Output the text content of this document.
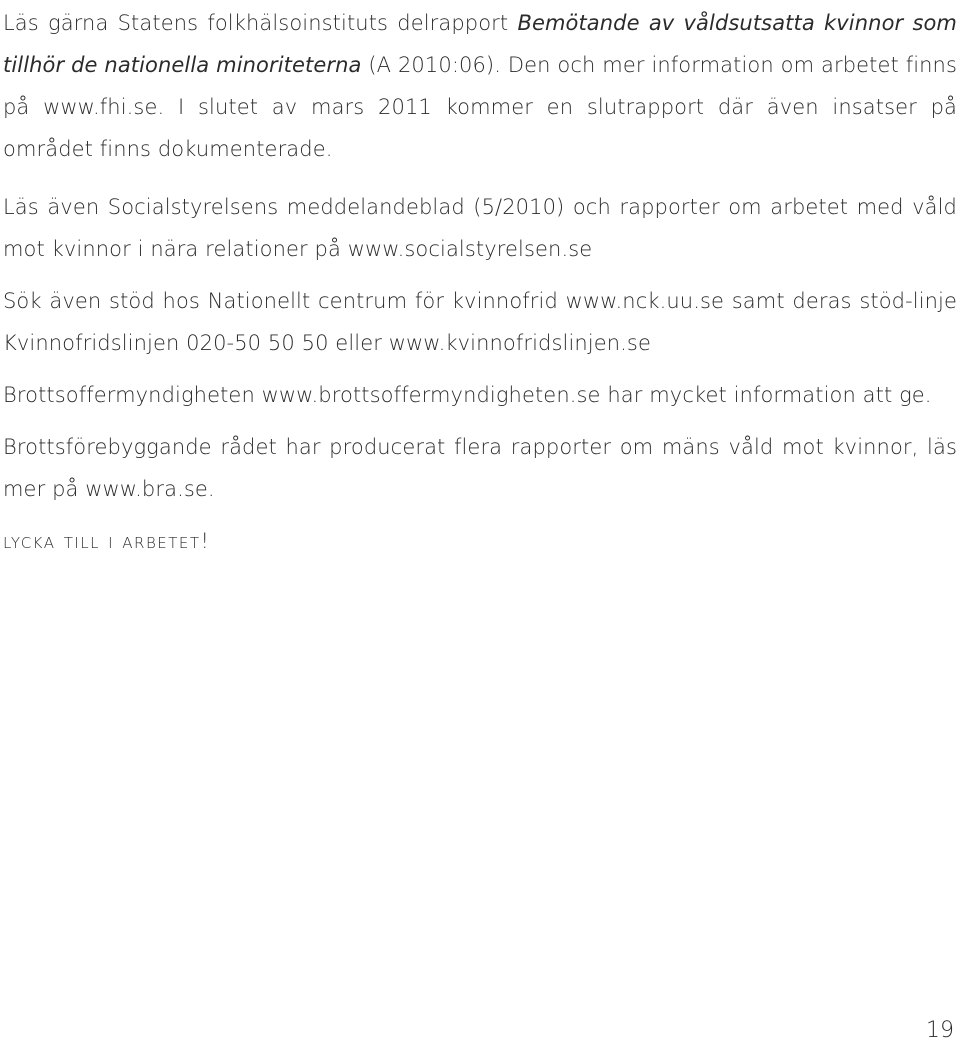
Läs gärna Statens folkhälsoinstituts delrapport Bemötande av våldsutsatta kvinnor som tillhör de nationella minoriteterna (A 2010:06). Den och mer information om arbetet finns på www.fhi.se. I slutet av mars 2011 kommer en slutrapport där även insatser på området finns dokumenterade.

Läs även Socialstyrelsens meddelandeblad (5/2010) och rapporter om arbetet med våld mot kvinnor i nära relationer på www.socialstyrelsen.se

Sök även stöd hos Nationellt centrum för kvinnofrid www.nck.uu.se samt deras stöd-linje Kvinnofridslinjen 020-50 50 50 eller www.kvinnofridslinjen.se

Brottsoffermyndigheten www.brottsoffermyndigheten.se har mycket information att ge.

Brottsförebyggande rådet har producerat flera rapporter om mäns våld mot kvinnor, läs mer på www.bra.se.

lycka till i arbetet!

19
